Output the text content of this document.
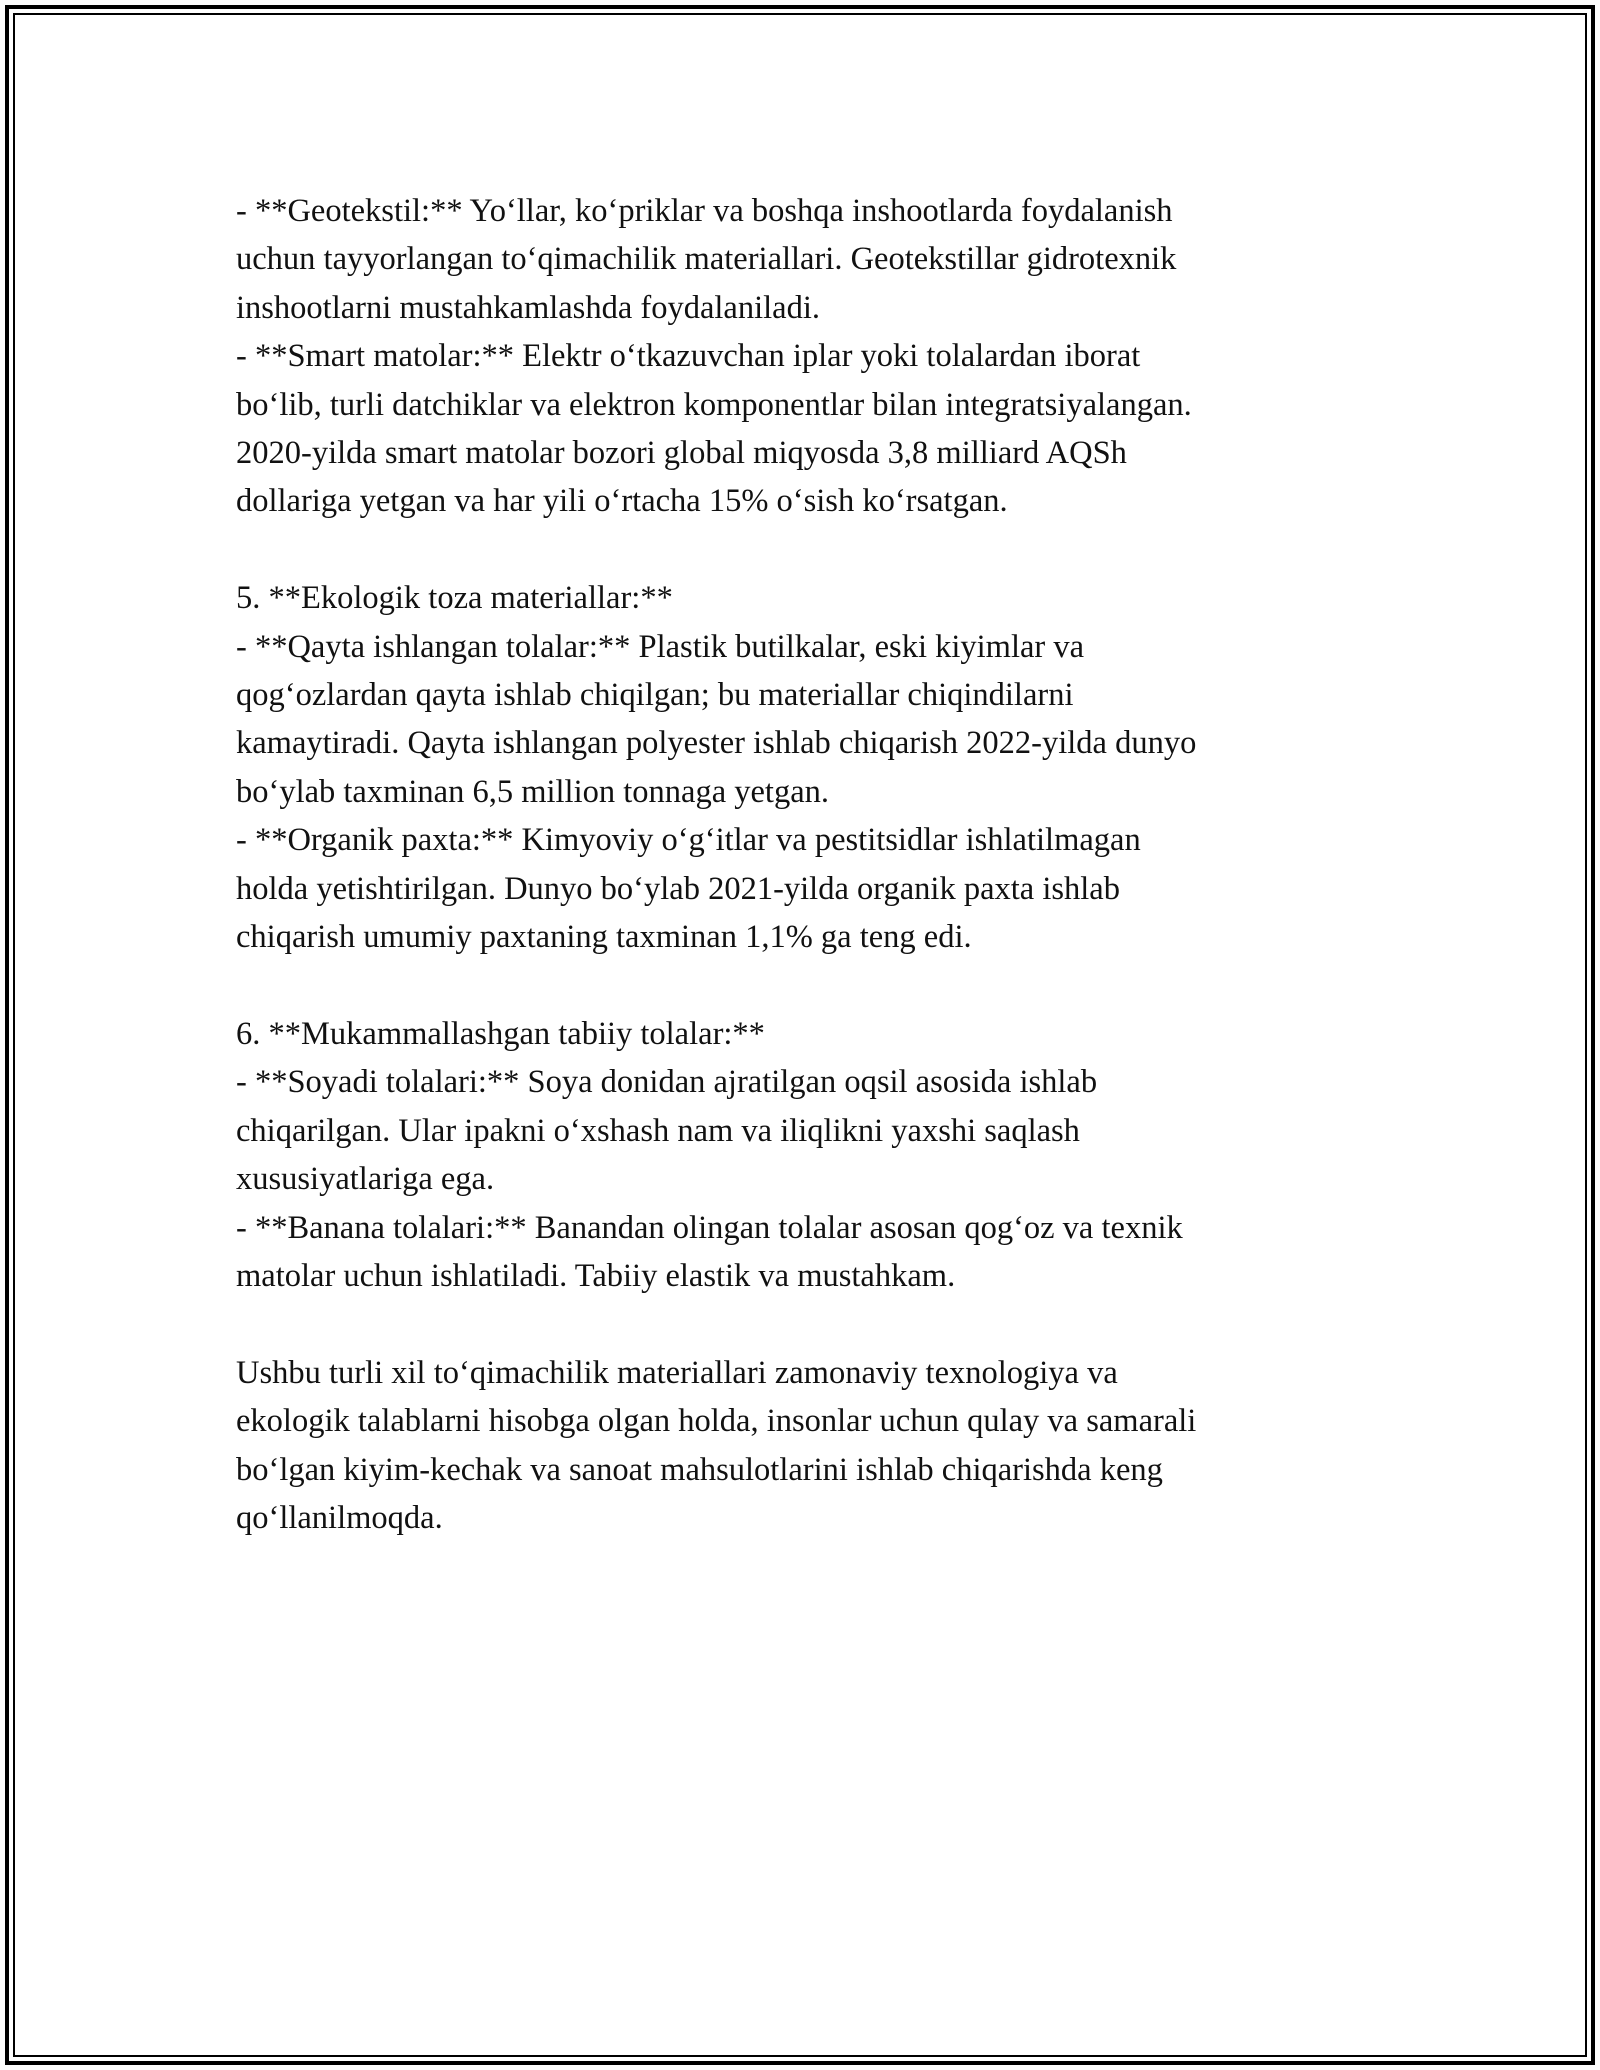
- **Geotekstil:** Yo‘llar, ko‘priklar va boshqa inshootlarda foydalanish
uchun tayyorlangan to‘qimachilik materiallari. Geotekstillar gidrotexnik
inshootlarni mustahkamlashda foydalaniladi.

- **Smart matolar:** Elektr o‘tkazuvchan iplar yoki tolalardan iborat
bo‘lib, turli datchiklar va elektron komponentlar bilan integratsiyalangan.
2020-yilda smart matolar bozori global miqyosda 3,8 milliard AQSh
dollariga yetgan va har yili o‘rtacha 15% o‘sish ko‘rsatgan.

5. **Ekologik toza materiallar:**

- **Qayta ishlangan tolalar:** Plastik butilkalar, eski kiyimlar va
qog‘ozlardan qayta ishlab chiqilgan; bu materiallar chiqindilarni
kamaytiradi. Qayta ishlangan polyester ishlab chiqarish 2022-yilda dunyo
bo‘ylab taxminan 6,5 million tonnaga yetgan.

- **Organik paxta:** Kimyoviy o‘g‘itlar va pestitsidlar ishlatilmagan
holda yetishtirilgan. Dunyo bo‘ylab 2021-yilda organik paxta ishlab
chiqarish umumiy paxtaning taxminan 1,1% ga teng edi.

6. **Mukammallashgan tabiiy tolalar:**

- **Soyadi tolalari:** Soya donidan ajratilgan oqsil asosida ishlab
chiqarilgan. Ular ipakni o‘xshash nam va iliqlikni yaxshi saqlash
xususiyatlariga ega.

- **Banana tolalari:** Banandan olingan tolalar asosan qog‘oz va texnik
matolar uchun ishlatiladi. Tabiiy elastik va mustahkam.

Ushbu turli xil to‘qimachilik materiallari zamonaviy texnologiya va
ekologik talablarni hisobga olgan holda, insonlar uchun qulay va samarali
bo‘lgan kiyim-kechak va sanoat mahsulotlarini ishlab chiqarishda keng
qo‘llanilmoqda.
